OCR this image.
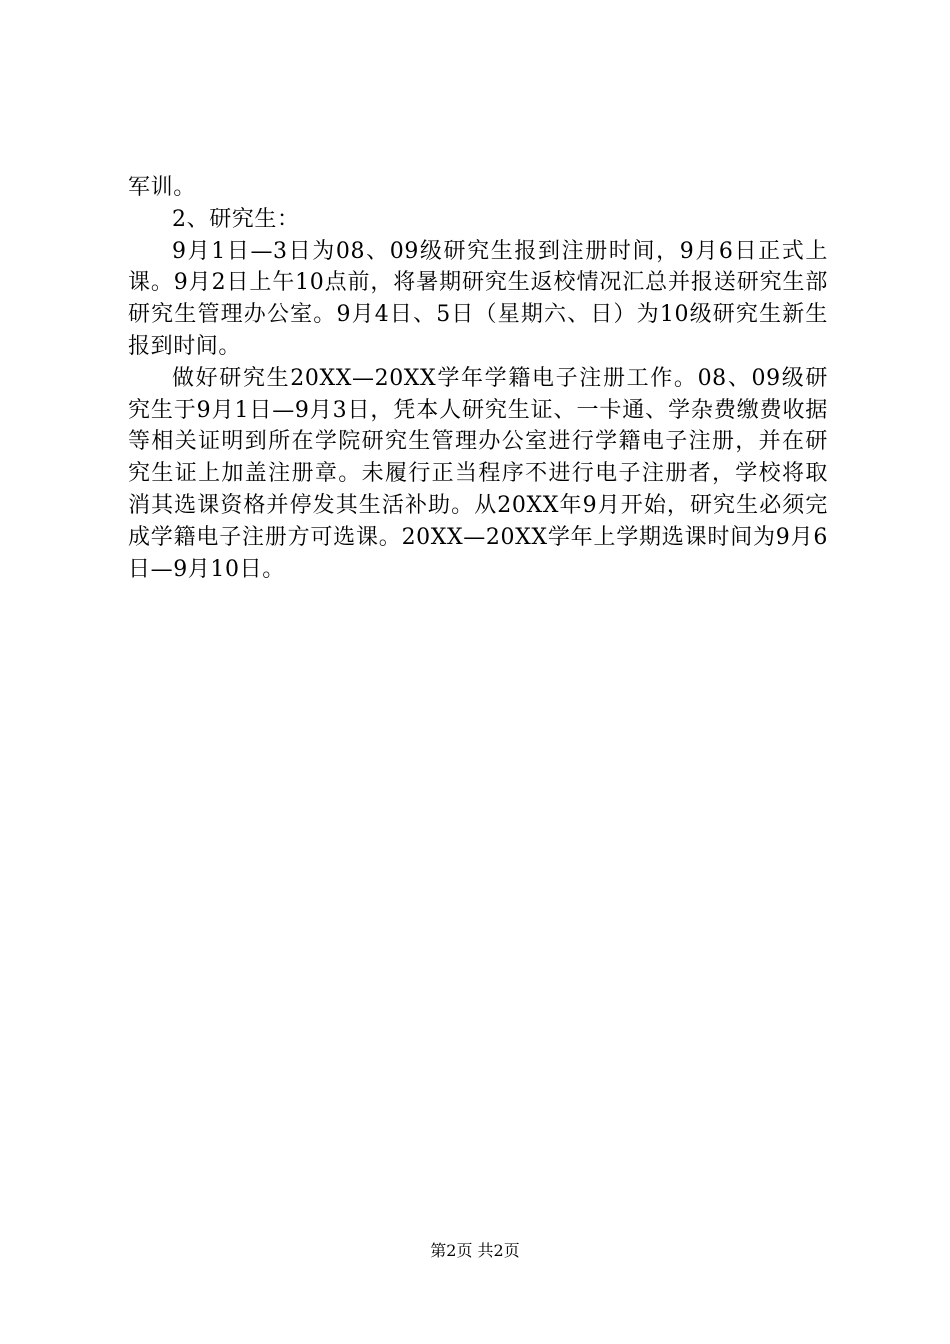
军训。

2、研究生：

9月1日—3日为08、09级研究生报到注册时间，9月6日正式上课。9月2日上午10点前，将暑期研究生返校情况汇总并报送研究生部研究生管理办公室。9月4日、5日（星期六、日）为10级研究生新生报到时间。

做好研究生20XX—20XX学年学籍电子注册工作。08、09级研究生于9月1日—9月3日，凭本人研究生证、一卡通、学杂费缴费收据等相关证明到所在学院研究生管理办公室进行学籍电子注册，并在研究生证上加盖注册章。未履行正当程序不进行电子注册者，学校将取消其选课资格并停发其生活补助。从20XX年9月开始，研究生必须完成学籍电子注册方可选课。20XX—20XX学年上学期选课时间为9月6日—9月10日。

第2页 共2页
